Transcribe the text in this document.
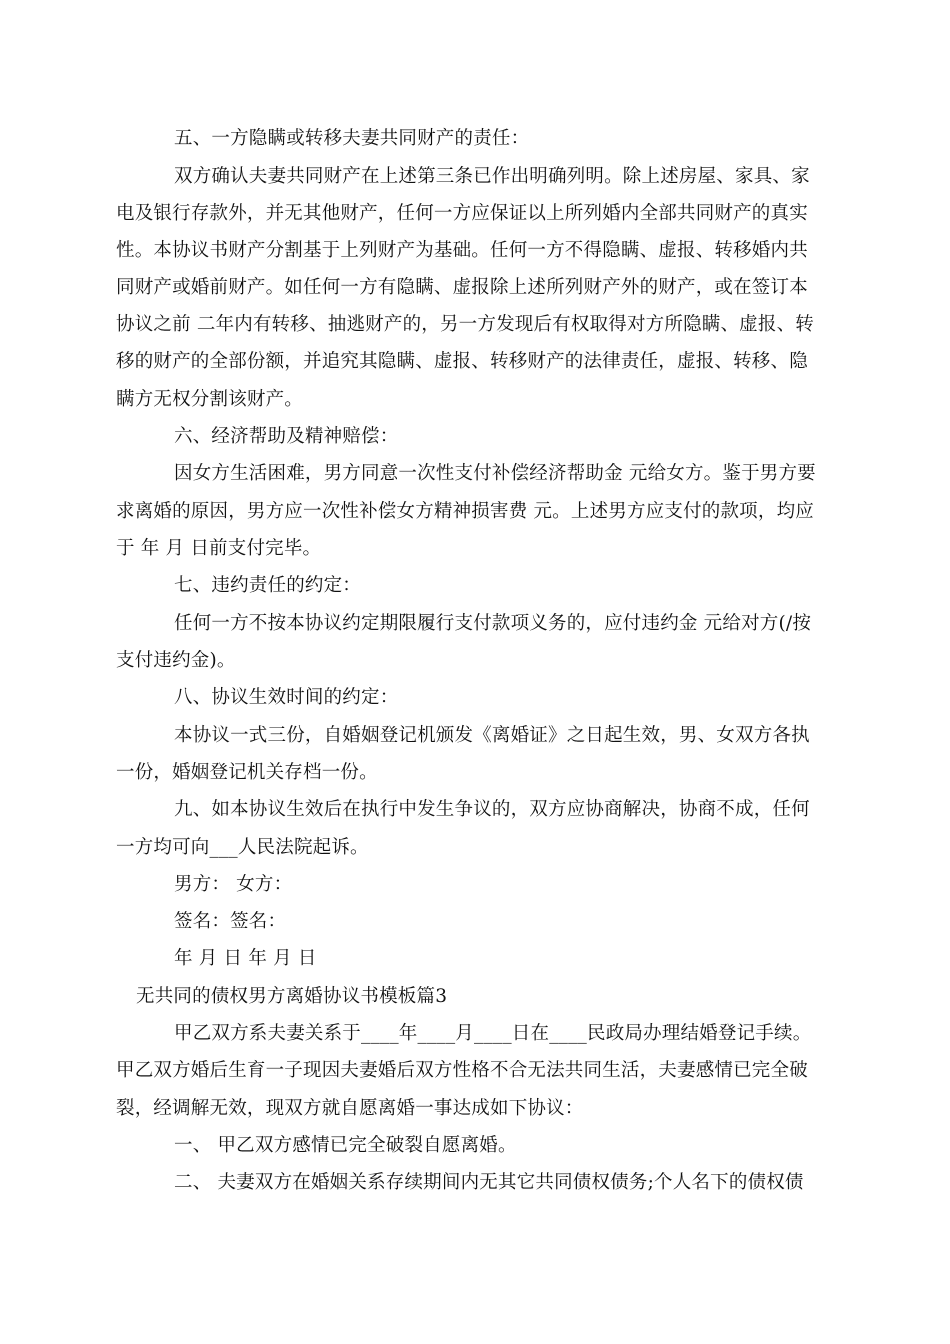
五、一方隐瞒或转移夫妻共同财产的责任：
双方确认夫妻共同财产在上述第三条已作出明确列明。除上述房屋、家具、家
电及银行存款外，并无其他财产，任何一方应保证以上所列婚内全部共同财产的真实
性。本协议书财产分割基于上列财产为基础。任何一方不得隐瞒、虚报、转移婚内共
同财产或婚前财产。如任何一方有隐瞒、虚报除上述所列财产外的财产，或在签订本
协议之前 二年内有转移、抽逃财产的，另一方发现后有权取得对方所隐瞒、虚报、转
移的财产的全部份额，并追究其隐瞒、虚报、转移财产的法律责任，虚报、转移、隐
瞒方无权分割该财产。
六、经济帮助及精神赔偿：
因女方生活困难，男方同意一次性支付补偿经济帮助金 元给女方。鉴于男方要
求离婚的原因，男方应一次性补偿女方精神损害费 元。上述男方应支付的款项，均应
于 年 月 日前支付完毕。
七、违约责任的约定：
任何一方不按本协议约定期限履行支付款项义务的，应付违约金 元给对方(/按
支付违约金)。
八、协议生效时间的约定：
本协议一式三份，自婚姻登记机颁发《离婚证》之日起生效，男、女双方各执
一份，婚姻登记机关存档一份。
九、如本协议生效后在执行中发生争议的，双方应协商解决，协商不成，任何
一方均可向___人民法院起诉。
男方： 女方：
签名：签名：
年 月 日 年 月 日
无共同的债权男方离婚协议书模板篇3
甲乙双方系夫妻关系于____年____月____日在____民政局办理结婚登记手续。
甲乙双方婚后生育一子现因夫妻婚后双方性格不合无法共同生活，夫妻感情已完全破
裂，经调解无效，现双方就自愿离婚一事达成如下协议：
一、 甲乙双方感情已完全破裂自愿离婚。
二、 夫妻双方在婚姻关系存续期间内无其它共同债权债务;个人名下的债权债
